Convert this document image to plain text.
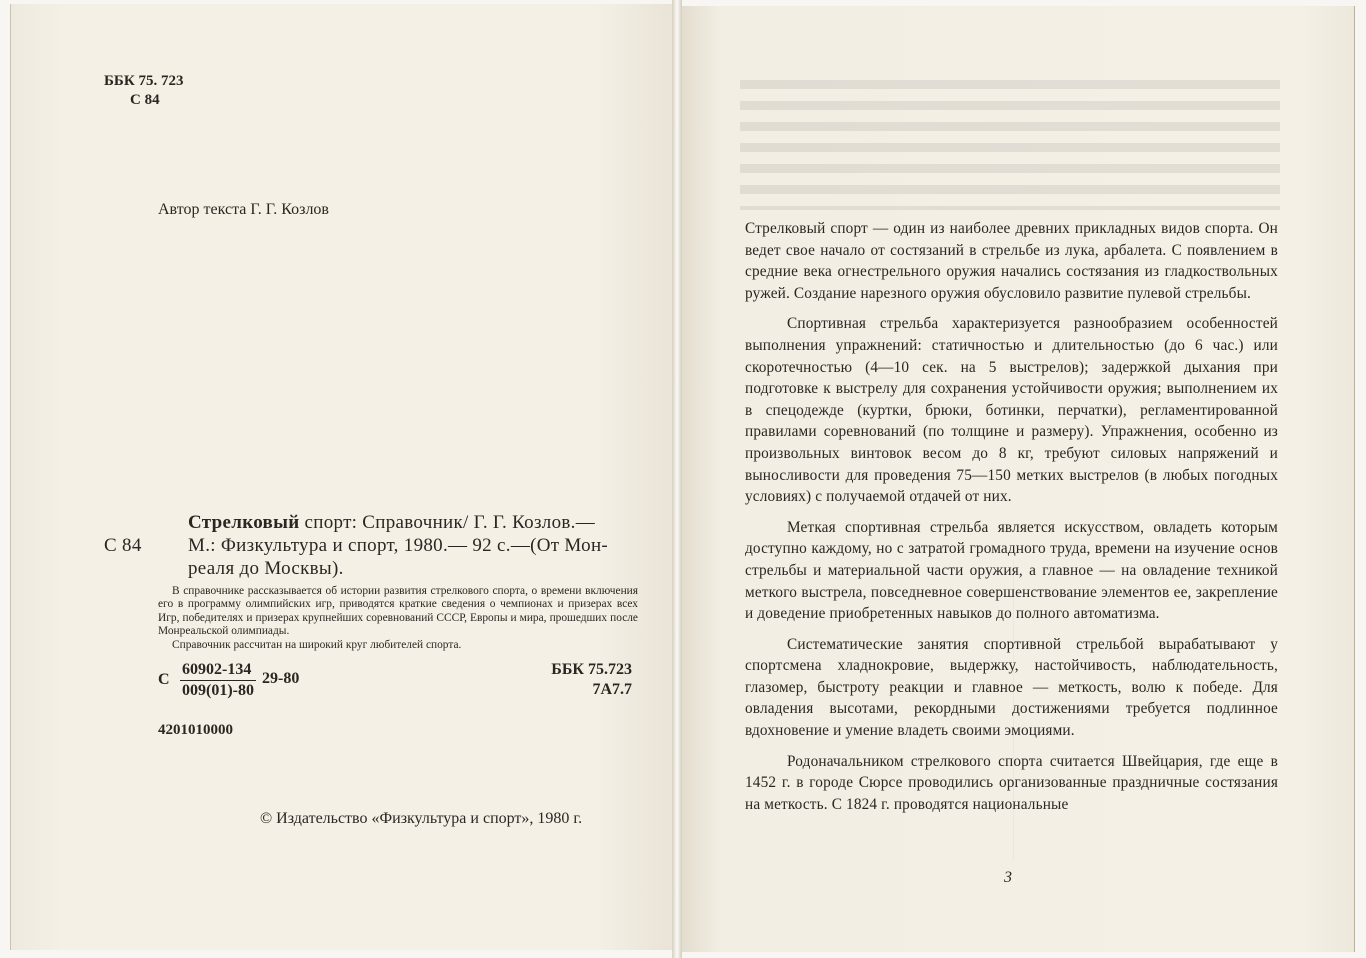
ББК 75. 723
С 84
Автор текста Г. Г. Козлов
Стрелковый спорт: Справочник/ Г. Г. Козлов.—
С 84	М.: Физкультура и спорт, 1980.— 92 с.—(От Мон-
реаля до Москвы).

В справочнике рассказывается об истории развития стрелкового спорта, о времени включения его в программу олимпийских игр, приводятся краткие сведения о чемпионах и призерах всех Игр, победителях и призерах крупнейших соревнований СССР, Европы и мира, прошедших после Монреальской олимпиады.

Справочник рассчитан на широкий круг любителей спорта.

С $\frac{60902-134}{009(01)-80} 29-80$
ББК 75.723
7А7.7
4201010000
© Издательство «Физкультура и спорт», 1980 г.

Стрелковый спорт — один из наиболее древних прикладных видов спорта. Он ведет свое начало от состязаний в стрельбе из лука, арбалета. С появлением в средние века огнестрельного оружия начались состязания из гладкоствольных ружей. Создание нарезного оружия обусловило развитие пулевой стрельбы.

Спортивная стрельба характеризуется разнообразием особенностей выполнения упражнений: статичностью и длительностью (до 6 час.) или скоротечностью (4—10 сек. на 5 выстрелов); задержкой дыхания при подготовке к выстрелу для сохранения устойчивости оружия; выполнением их в спецодежде (куртки, брюки, ботинки, перчатки), регламентированной правилами соревнований (по толщине и размеру). Упражнения, особенно из произвольных винтовок весом до 8 кг, требуют силовых напряжений и выносливости для проведения 75—150 метких выстрелов (в любых погодных условиях) с получаемой отдачей от них.

Меткая спортивная стрельба является искусством, овладеть которым доступно каждому, но с затратой громадного труда, времени на изучение основ стрельбы и материальной части оружия, а главное — на овладение техникой меткого выстрела, повседневное совершенствование элементов ее, закрепление и доведение приобретенных навыков до полного автоматизма.

Систематические занятия спортивной стрельбой вырабатывают у спортсмена хладнокровие, выдержку, настойчивость, наблюдательность, глазомер, быстроту реакции и главное — меткость, волю к победе. Для овладения высотами, рекордными достижениями требуется подлинное вдохновение и умение владеть своими эмоциями.

Родоначальником стрелкового спорта считается Швейцария, где еще в 1452 г. в городе Сюрсе проводились организованные праздничные состязания на меткость. С 1824 г. проводятся национальные

3
